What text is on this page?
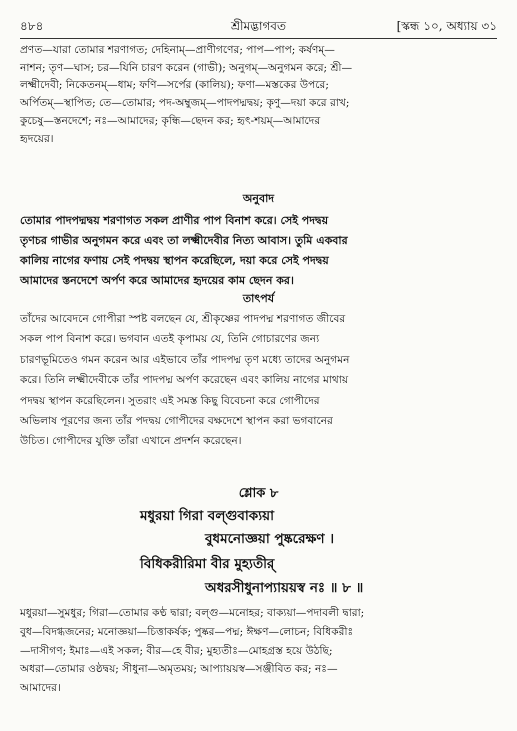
৪৮৪	শ্রীমদ্ভাগবত	[স্কন্ধ ১০, অধ্যায় ৩১
প্রণত—যারা তোমার শরণাগত; দেহিনাম্—প্রাণীগণের; পাপ—পাপ; কর্ষণম্—
নাশন; তৃণ—ঘাস; চর—যিনি চারণ করেন (গাভী); অনুগম্—অনুগমন করে; শ্রী—
লক্ষ্মীদেবী; নিকেতনম্—ধাম; ফণি—সর্পের (কালিয়); ফণা—মস্তকের উপরে;
অর্পিতম্—স্থাপিত; তে—তোমার; পদ-অম্বুজম্—পাদপদ্মদ্বয়; কৃণু—দয়া করে রাখ;
কুচেষু—স্তনদেশে; নঃ—আমাদের; কৃন্ধি—ছেদন কর; হৃৎ-শয়ম্—আমাদের
হৃদয়ের।
অনুবাদ
তোমার পাদপদ্মদ্বয় শরণাগত সকল প্রাণীর পাপ বিনাশ করে। সেই পদদ্বয়
তৃণচর গাভীর অনুগমন করে এবং তা লক্ষ্মীদেবীর নিত্য আবাস। তুমি একবার
কালিয় নাগের ফণায় সেই পদদ্বয় স্থাপন করেছিলে, দয়া করে সেই পদদ্বয়
আমাদের স্তনদেশে অর্পণ করে আমাদের হৃদয়ের কাম ছেদন কর।
তাৎপর্য
তাঁদের আবেদনে গোপীরা স্পষ্ট বলছেন যে, শ্রীকৃষ্ণের পাদপদ্ম শরণাগত জীবের
সকল পাপ বিনাশ করে। ভগবান এতই কৃপাময় যে, তিনি গোচারণের জন্য
চারণভূমিতেও গমন করেন আর এইভাবে তাঁর পাদপদ্ম তৃণ মধ্যে তাদের অনুগমন
করে। তিনি লক্ষ্মীদেবীকে তাঁর পাদপদ্ম অর্পণ করেছেন এবং কালিয় নাগের মাথায়
পদদ্বয় স্থাপন করেছিলেন। সুতরাং এই সমস্ত কিছু বিবেচনা করে গোপীদের
অভিলাষ পূরণের জন্য তাঁর পদদ্বয় গোপীদের বক্ষদেশে স্থাপন করা ভগবানের
উচিত। গোপীদের যুক্তি তাঁরা এখানে প্রদর্শন করেছেন।
শ্লোক ৮
মধুরয়া গিরা বল্গুবাক্যয়া
বুধমনোজ্ঞয়া পুষ্করেক্ষণ ।
বিধিকরীরিমা বীর মুহ্যতীর্
অধরসীধুনাপ্যায়য়স্ব নঃ ॥ ৮ ॥
মধুরয়া—সুমধুর; গিরা—তোমার কণ্ঠ দ্বারা; বল্গু—মনোহর; বাক্যয়া—পদাবলী দ্বারা;
বুধ—বিদগ্ধজনের; মনোজ্ঞয়া—চিত্তাকর্ষক; পুষ্কর—পদ্ম; ঈক্ষণ—লোচন; বিধিকরীঃ
—দাসীগণ; ইমাঃ—এই সকল; বীর—হে বীর; মুহ্যতীঃ—মোহগ্রস্ত হয়ে উঠছি;
অধরা—তোমার ওষ্ঠদ্বয়; সীধুনা—অমৃতময়; আপ্যায়য়স্ব—সঞ্জীবিত কর; নঃ—
আমাদের।
